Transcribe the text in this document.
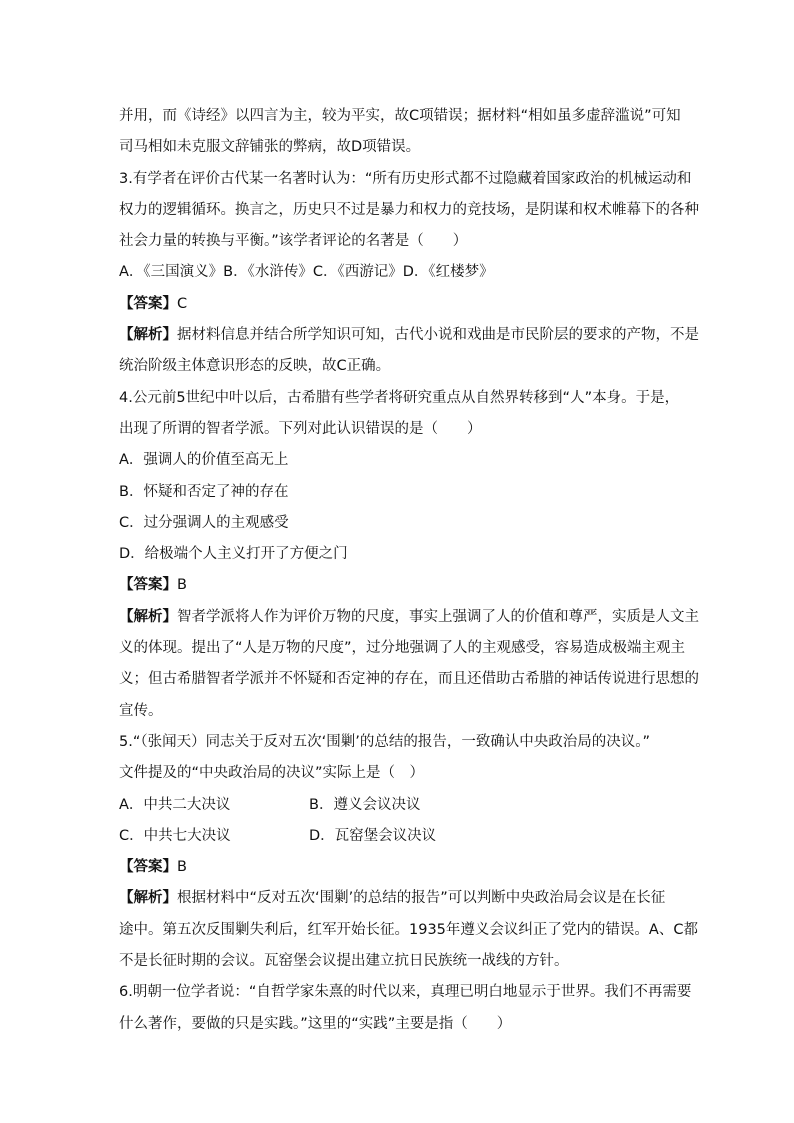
并用，而《诗经》以四言为主，较为平实，故C项错误；据材料“相如虽多虚辞滥说”可知

司马相如未克服文辞铺张的弊病，故D项错误。

3.有学者在评价古代某一名著时认为：“所有历史形式都不过隐藏着国家政治的机械运动和

权力的逻辑循环。换言之，历史只不过是暴力和权力的竞技场，是阴谋和权术帷幕下的各种

社会力量的转换与平衡。”该学者评论的名著是（　　）

A．《三国演义》B．《水浒传》C．《西游记》D．《红楼梦》

【答案】C

【解析】据材料信息并结合所学知识可知，古代小说和戏曲是市民阶层的要求的产物，不是

统治阶级主体意识形态的反映，故C正确。

4.公元前5世纪中叶以后，古希腊有些学者将研究重点从自然界转移到“人”本身。于是，

出现了所谓的智者学派。下列对此认识错误的是（　　）

A．强调人的价值至高无上

B．怀疑和否定了神的存在

C．过分强调人的主观感受

D．给极端个人主义打开了方便之门

【答案】B

【解析】智者学派将人作为评价万物的尺度，事实上强调了人的价值和尊严，实质是人文主

义的体现。提出了“人是万物的尺度”，过分地强调了人的主观感受，容易造成极端主观主

义；但古希腊智者学派并不怀疑和否定神的存在，而且还借助古希腊的神话传说进行思想的

宣传。

5.“（张闻天）同志关于反对五次‘围剿’的总结的报告，一致确认中央政治局的决议。”

文件提及的“中央政治局的决议”实际上是（　）

A．中共二大决议	B．遵义会议决议
C．中共七大决议	D．瓦窑堡会议决议

【答案】B

【解析】根据材料中“反对五次‘围剿’的总结的报告”可以判断中央政治局会议是在长征

途中。第五次反围剿失利后，红军开始长征。1935年遵义会议纠正了党内的错误。A、C都

不是长征时期的会议。瓦窑堡会议提出建立抗日民族统一战线的方针。

6.明朝一位学者说：“自哲学家朱熹的时代以来，真理已明白地显示于世界。我们不再需要

什么著作，要做的只是实践。”这里的“实践”主要是指（　　）
